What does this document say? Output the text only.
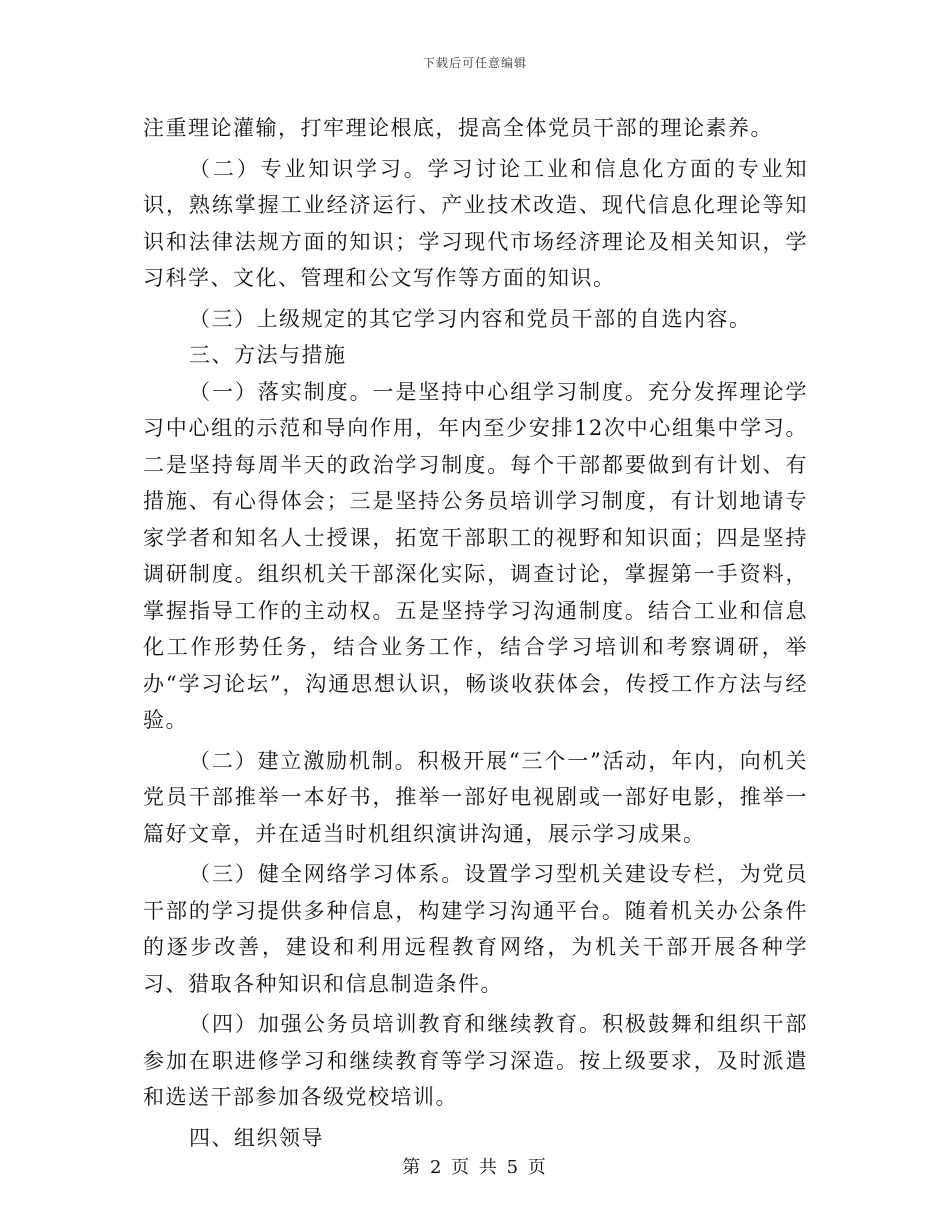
下载后可任意编辑

注重理论灌输，打牢理论根底，提高全体党员干部的理论素养。

（二）专业知识学习。学习讨论工业和信息化方面的专业知识，熟练掌握工业经济运行、产业技术改造、现代信息化理论等知识和法律法规方面的知识；学习现代市场经济理论及相关知识，学习科学、文化、管理和公文写作等方面的知识。

（三）上级规定的其它学习内容和党员干部的自选内容。

三、方法与措施

（一）落实制度。一是坚持中心组学习制度。充分发挥理论学习中心组的示范和导向作用，年内至少安排12次中心组集中学习。二是坚持每周半天的政治学习制度。每个干部都要做到有计划、有措施、有心得体会；三是坚持公务员培训学习制度，有计划地请专家学者和知名人士授课，拓宽干部职工的视野和知识面；四是坚持调研制度。组织机关干部深化实际，调查讨论，掌握第一手资料，掌握指导工作的主动权。五是坚持学习沟通制度。结合工业和信息化工作形势任务，结合业务工作，结合学习培训和考察调研，举办“学习论坛”，沟通思想认识，畅谈收获体会，传授工作方法与经验。

（二）建立激励机制。积极开展“三个一”活动，年内，向机关党员干部推举一本好书，推举一部好电视剧或一部好电影，推举一篇好文章，并在适当时机组织演讲沟通，展示学习成果。

（三）健全网络学习体系。设置学习型机关建设专栏，为党员干部的学习提供多种信息，构建学习沟通平台。随着机关办公条件的逐步改善，建设和利用远程教育网络，为机关干部开展各种学习、猎取各种知识和信息制造条件。

（四）加强公务员培训教育和继续教育。积极鼓舞和组织干部参加在职进修学习和继续教育等学习深造。按上级要求，及时派遣和选送干部参加各级党校培训。

四、组织领导

第 2 页 共 5 页
